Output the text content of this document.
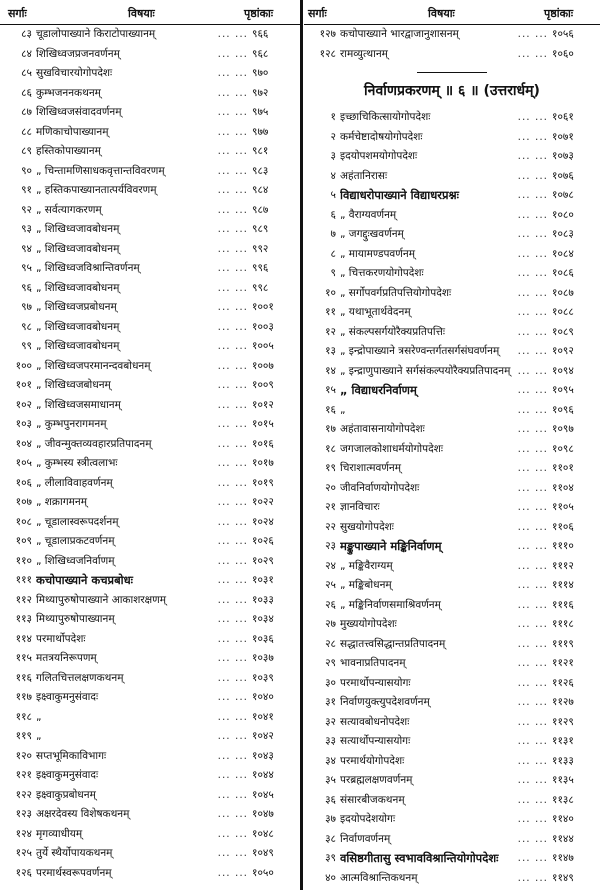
सर्गाः	विषयाः	पृष्ठांकाः
८३ चूडालोपाख्याने किराटोपाख्यानम्	... ... ९६६
८४ शिखिध्वजप्रजनवर्णनम्	... ... ९६८
८५ सुखविचारयोगोपदेशः	... ... ९७०
८६ कुम्भजननकथनम्	... ... ९७२
८७ शिखिध्वजसंवादवर्णनम्	... ... ९७५
८८ मणिकाचोपाख्यानम्	... ... ९७७
८९ हस्तिकोपाख्यानम्	... ... ९८१
९० „ चिन्तामणिसाधकवृत्तान्तविवरणम्	... ... ९८३
९१ „ हस्तिकपाख्यानतात्पर्यविवरणम्	... ... ९८४
९२ „ सर्वत्यागकरणम्	... ... ९८७
९३ „ शिखिध्वजावबोधनम्	... ... ९८९
९४ „ शिखिध्वजावबोधनम्	... ... ९९२
९५ „ शिखिध्वजविश्रान्तिवर्णनम्	... ... ९९६
९६ „ शिखिध्वजावबोधनम्	... ... ९९८
९७ „ शिखिध्वजप्रबोधनम्	... ... १००१
९८ „ शिखिध्वजावबोधनम्	... ... १००३
९९ „ शिखिध्वजावबोधनम्	... ... १००५
१०० „ शिखिध्वजपरमानन्दवबोधनम्	... ... १००७
१०१ „ शिखिध्वजबोधनम्	... ... १००९
१०२ „ शिखिध्वजसमाधानम्	... ... १०१२
१०३ „ कुम्भपुनरागमनम्	... ... १०१५
१०४ „ जीवन्मुक्तव्यवहारप्रतिपादनम्	... ... १०१६
१०५ „ कुम्भस्य स्त्रीत्वलाभः	... ... १०१७
१०६ „ लीलाविवाहवर्णनम्	... ... १०१९
१०७ „ शक्रागमनम्	... ... १०२२
१०८ „ चूडालास्वरूपदर्शनम्	... ... १०२४
१०९ „ चूडालाप्रकटवर्णनम्	... ... १०२६
११० „ शिखिध्वजनिर्वाणम्	... ... १०२९
१११ कचोपाख्याने कचप्रबोधः	... ... १०३१
११२ मिथ्यापुरुषोपाख्याने आकाशरक्षणम्	... ... १०३३
११३ मिथ्यापुरुषोपाख्यानम्	... ... १०३४
११४ परमार्थोपदेशः	... ... १०३६
११५ मतत्रयनिरूपणम्	... ... १०३७
११६ गलितचित्तलक्षणकथनम्	... ... १०३९
११७ इक्ष्वाकुमनुसंवादः	... ... १०४०
११८ „	... ... १०४१
११९ „	... ... १०४२
१२० सप्तभूमिकाविभागः	... ... १०४३
१२१ इक्ष्वाकुमनुसंवादः	... ... १०४४
१२२ इक्ष्वाकुप्रबोधनम्	... ... १०४५
१२३ अक्षरदेवस्य विशेषकथनम्	... ... १०४७
१२४ मृगव्याधीयम्	... ... १०४८
१२५ तुर्ये स्थैर्योपायकथनम्	... ... १०४९
१२६ परमार्थस्वरूपवर्णनम्	... ... १०५०
सर्गाः	विषयाः	पृष्ठांकाः
१२७ कचोपाख्याने भारद्वाजानुशासनम्	... ... १०५६
१२८ रामव्युत्थानम्	... ... १०६०
निर्वाणप्रकरणम् ॥ ६ ॥ (उत्तरार्धम्)
१ इच्छाचिकित्सायोगोपदेशः	... ... १०६१
२ कर्मचेष्टादोषयोगोपदेशः	... ... १०७१
३ इदयोपशमयोगोपदेशः	... ... १०७३
४ अहंतानिरासः	... ... १०७६
५ विद्याधरोपाख्याने विद्याधरप्रश्नः	... ... १०७८
६ „ वैराग्यवर्णनम्	... ... १०८०
७ „ जगद्दुःखवर्णनम्	... ... १०८३
८ „ मायामण्डपवर्णनम्	... ... १०८४
९ „ चित्तकरणयोगोपदेशः	... ... १०८६
१० „ सर्गोपवर्गप्रतिपत्तियोगोपदेशः	... ... १०८७
११ „ यथाभूतार्थवेदनम्	... ... १०८८
१२ „ संकल्पसर्गयोरैक्यप्रतिपत्तिः	... ... १०८९
१३ „ इन्द्रोपाख्याने त्रसरेण्वन्तर्गतसर्गसंघवर्णनम्	... ... १०९२
१४ „ इन्द्राणुपाख्याने सर्गसंकल्पयोरैक्यप्रतिपादनम् ... ... १०९४
१५ „ विद्याधरनिर्वाणम्	... ... १०९५
१६ „	... ... १०९६
१७ अहंतावासनायोगोपदेशः	... ... १०९७
१८ जगजालकोशाधर्मयोगोपदेशः	... ... १०९८
१९ चिराशात्मवर्णनम्	... ... ११०१
२० जीवनिर्वाणयोगोपदेशः	... ... ११०४
२१ ज्ञानविचारः	... ... ११०५
२२ सुखयोगोपदेशः	... ... ११०६
२३ मङ्कुपाख्याने मङ्किनिर्वाणम्	... ... १११०
२४ „ मङ्किवैराग्यम्	... ... १११२
२५ „ मङ्किबोधनम्	... ... १११४
२६ „ मङ्किनिर्वाणसमाश्रिवर्णनम्	... ... १११६
२७ मुख्ययोगोपदेशः	... ... १११८
२८ सद्धातत्त्वसिद्धान्तप्रतिपादनम्	... ... १११९
२९ भावनाप्रतिपादनम्	... ... ११२१
३० परमार्थोपन्यासयोगः	... ... ११२६
३१ निर्वाणयुक्त्युपदेशवर्णनम्	... ... ११२७
३२ सत्यावबोधनोपदेशः	... ... ११२९
३३ सत्यार्थोपन्यासयोगः	... ... ११३१
३४ परमार्थयोगोपदेशः	... ... ११३३
३५ परब्रह्मलक्षणवर्णनम्	... ... ११३५
३६ संसारबीजकथनम्	... ... ११३८
३७ इदयोपदेशयोगः	... ... ११४०
३८ निर्वाणवर्णनम्	... ... ११४४
३९ वसिष्ठगीतासु स्वभावविश्रान्तियोगोपदेशः	... ... ११४७
४० आत्मविश्रान्तिकथनम्	... ... ११४९
